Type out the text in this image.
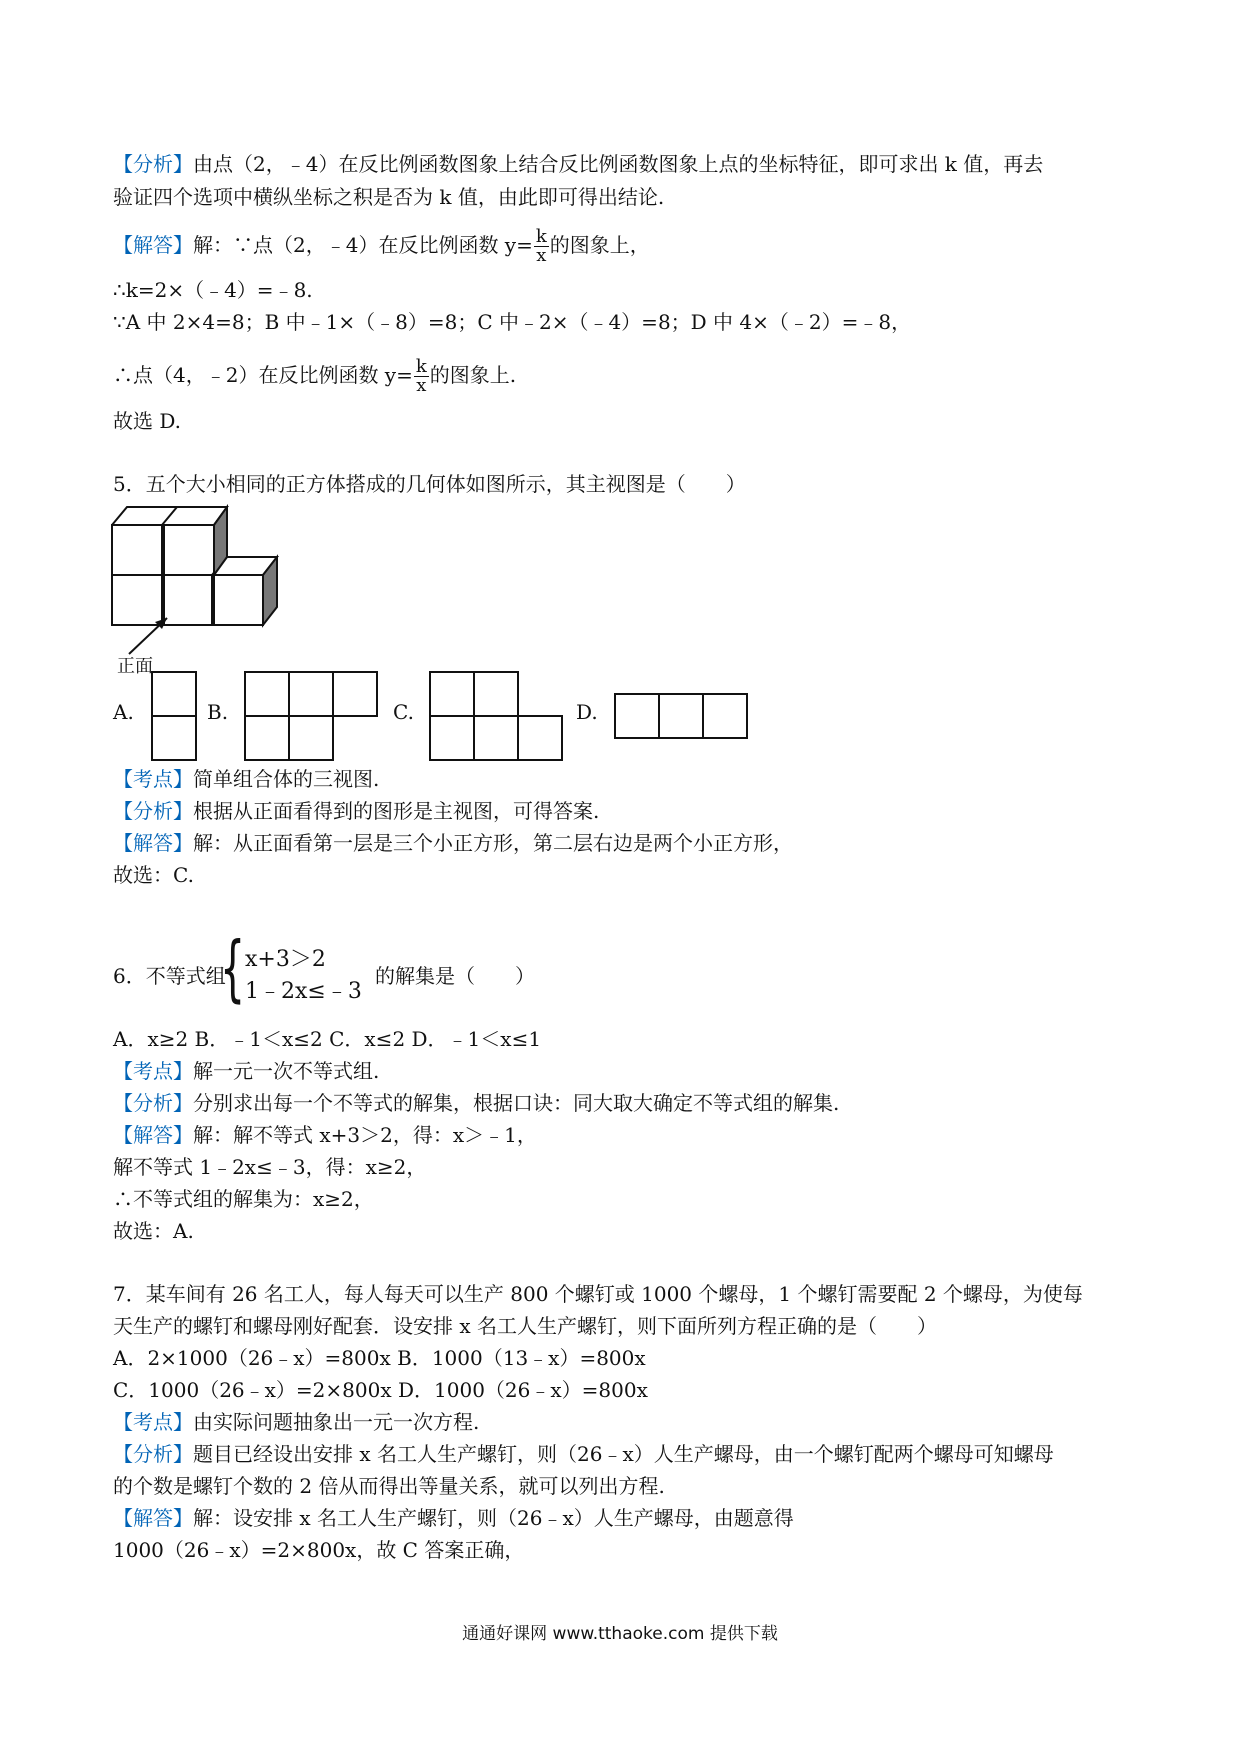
【分析】由点（2，﹣4）在反比例函数图象上结合反比例函数图象上点的坐标特征，即可求出 k 值，再去
验证四个选项中横纵坐标之积是否为 k 值，由此即可得出结论.
【解答】解：∵点（2，﹣4）在反比例函数 $y= \frac{k}{x}$ 的图象上，
∴k=2×（﹣4）=﹣8.
∵A 中 2×4=8；B 中﹣1×（﹣8）=8；C 中﹣2×（﹣4）=8；D 中 4×（﹣2）=﹣8，
∴点（4，﹣2）在反比例函数 $y= \frac{k}{x}$ 的图象上.
故选 D.
5．五个大小相同的正方体搭成的几何体如图所示，其主视图是（　　）
正面
A.	B.	C.	D.
【考点】简单组合体的三视图.
【分析】根据从正面看得到的图形是主视图，可得答案.
【解答】解：从正面看第一层是三个小正方形，第二层右边是两个小正方形，
故选：C.
6．不等式组
{ x+3＞2
1﹣2x≤﹣3
的解集是（　　）
A．x≥2 B．﹣1＜x≤2 C．x≤2 D．﹣1＜x≤1
【考点】解一元一次不等式组.
【分析】分别求出每一个不等式的解集，根据口诀：同大取大确定不等式组的解集.
【解答】解：解不等式 x+3＞2，得：x＞﹣1，
解不等式 1﹣2x≤﹣3，得：x≥2，
∴不等式组的解集为：x≥2，
故选：A.
7．某车间有 26 名工人，每人每天可以生产 800 个螺钉或 1000 个螺母，1 个螺钉需要配 2 个螺母，为使每
天生产的螺钉和螺母刚好配套．设安排 x 名工人生产螺钉，则下面所列方程正确的是（　　）
A．2×1000（26﹣x）=800x B．1000（13﹣x）=800x
C．1000（26﹣x）=2×800x D．1000（26﹣x）=800x
【考点】由实际问题抽象出一元一次方程.
【分析】题目已经设出安排 x 名工人生产螺钉，则（26﹣x）人生产螺母，由一个螺钉配两个螺母可知螺母
的个数是螺钉个数的 2 倍从而得出等量关系，就可以列出方程.
【解答】解：设安排 x 名工人生产螺钉，则（26﹣x）人生产螺母，由题意得
1000（26﹣x）=2×800x，故 C 答案正确，
通通好课网 www.tthaoke.com 提供下载
